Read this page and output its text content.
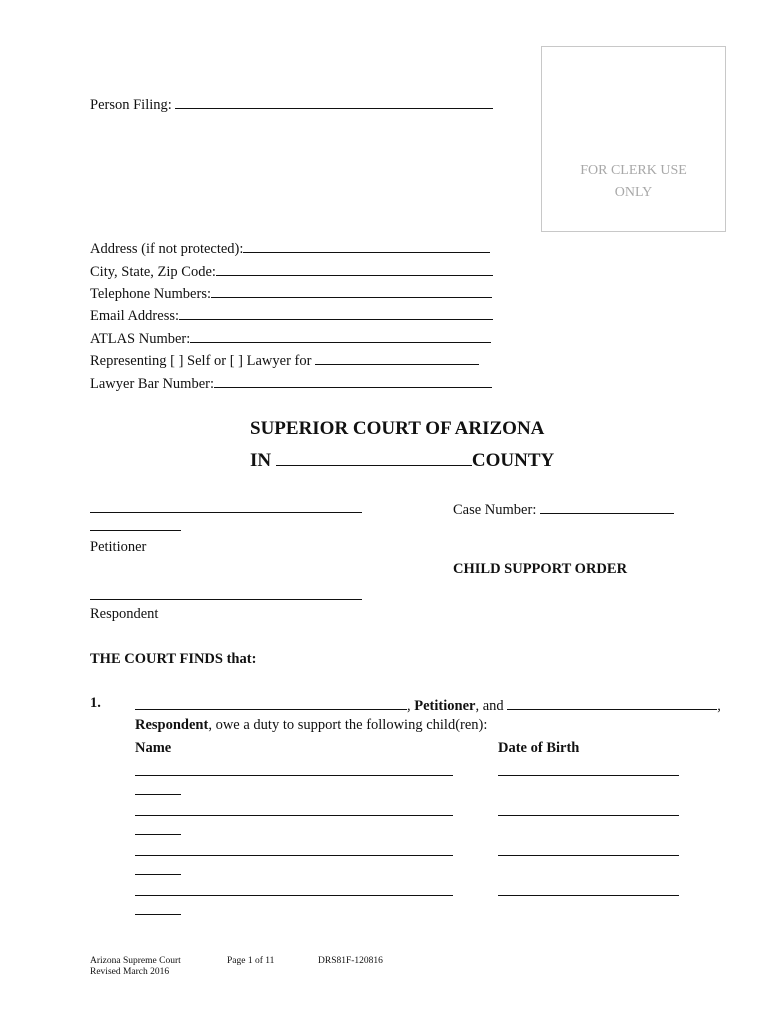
Person Filing:
FOR CLERK USE
ONLY
Address (if not protected):
City, State, Zip Code:
Telephone Numbers:
Email Address:
ATLAS Number:
Representing [ ] Self or [ ] Lawyer for
Lawyer Bar Number:
SUPERIOR COURT OF ARIZONA
IN	COUNTY
Petitioner
Case Number:
CHILD SUPPORT ORDER
Respondent
THE COURT FINDS that:
1.	, Petitioner, and	,
Respondent, owe a duty to support the following child(ren):
Name	Date of Birth
Arizona Supreme Court
Revised March 2016
Page 1 of 11	DRS81F-120816
